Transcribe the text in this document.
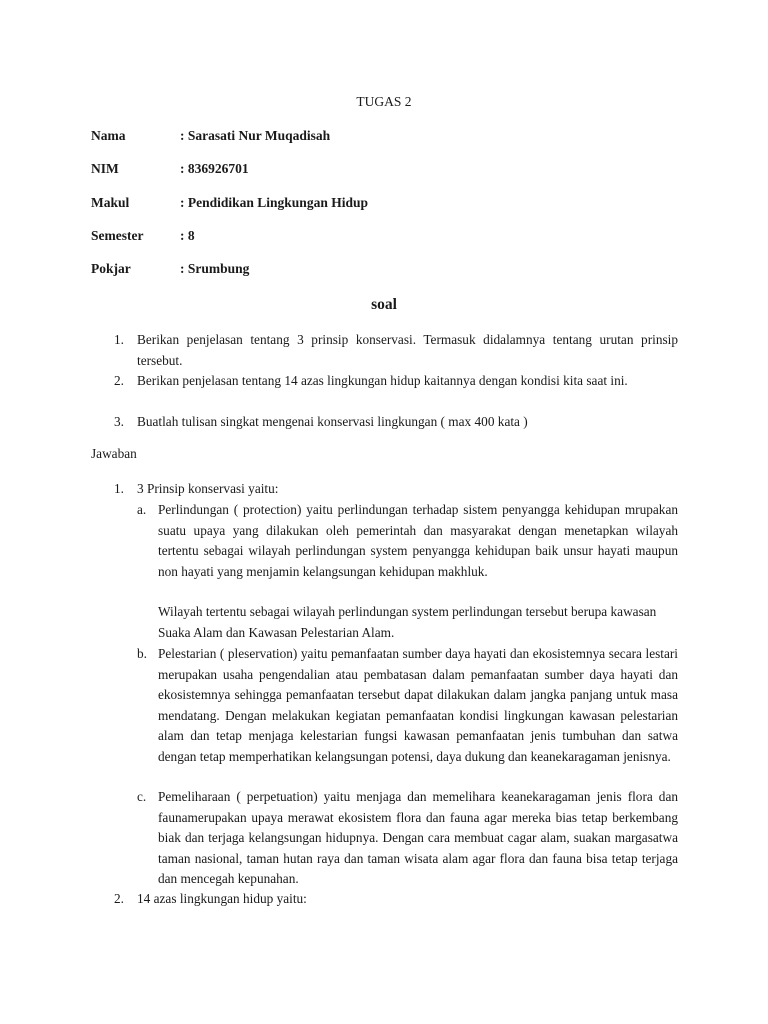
TUGAS 2
Nama	: Sarasati Nur Muqadisah
NIM	: 836926701
Makul	: Pendidikan Lingkungan Hidup
Semester	: 8
Pokjar	: Srumbung
soal
1. Berikan penjelasan tentang 3 prinsip konservasi. Termasuk didalamnya tentang urutan prinsip tersebut.
2. Berikan penjelasan tentang 14 azas lingkungan hidup kaitannya dengan kondisi kita saat ini.
3. Buatlah tulisan singkat mengenai konservasi lingkungan ( max 400 kata )
Jawaban
1. 3 Prinsip konservasi yaitu:
a. Perlindungan ( protection) yaitu perlindungan terhadap sistem penyangga kehidupan mrupakan suatu upaya yang dilakukan oleh pemerintah dan masyarakat dengan menetapkan wilayah tertentu sebagai wilayah perlindungan system penyangga kehidupan baik unsur hayati maupun non hayati yang menjamin kelangsungan kehidupan makhluk.
Wilayah tertentu sebagai wilayah perlindungan system perlindungan tersebut berupa kawasan Suaka Alam dan Kawasan Pelestarian Alam.
b. Pelestarian ( pleservation) yaitu pemanfaatan sumber daya hayati dan ekosistemnya secara lestari merupakan usaha pengendalian atau pembatasan dalam pemanfaatan sumber daya hayati dan ekosistemnya sehingga pemanfaatan tersebut dapat dilakukan dalam jangka panjang untuk masa mendatang. Dengan melakukan kegiatan pemanfaatan kondisi lingkungan kawasan pelestarian alam dan tetap menjaga kelestarian fungsi kawasan pemanfaatan jenis tumbuhan dan satwa dengan tetap memperhatikan kelangsungan potensi, daya dukung dan keanekaragaman jenisnya.
c. Pemeliharaan ( perpetuation) yaitu menjaga dan memelihara keanekaragaman jenis flora dan faunamerupakan upaya merawat ekosistem flora dan fauna agar mereka bias tetap berkembang biak dan terjaga kelangsungan hidupnya. Dengan cara membuat cagar alam, suakan margasatwa taman nasional, taman hutan raya dan taman wisata alam agar flora dan fauna bisa tetap terjaga dan mencegah kepunahan.
2. 14 azas lingkungan hidup yaitu:
